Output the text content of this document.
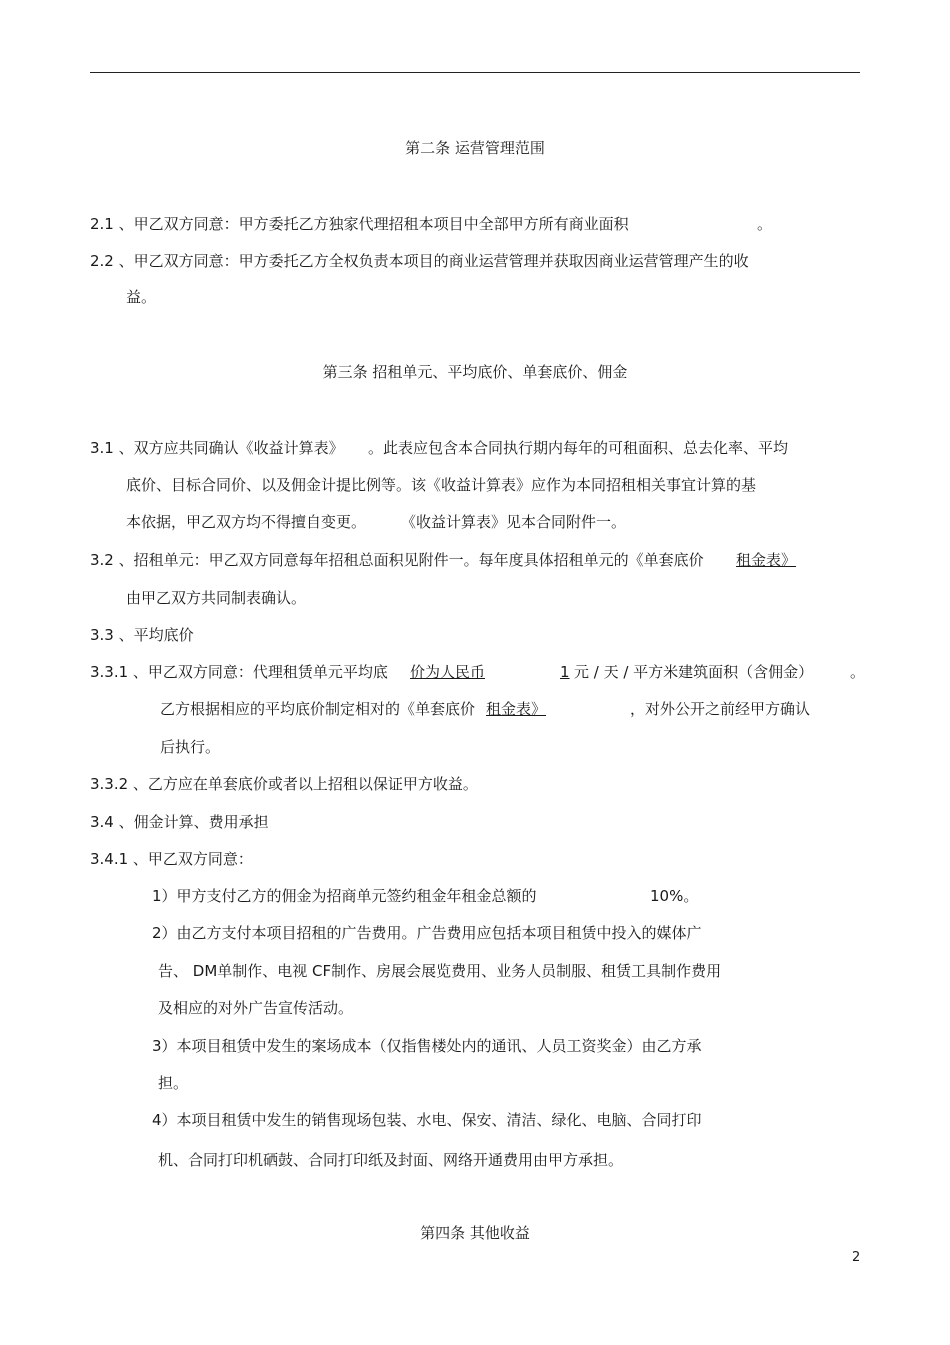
第二条 运营管理范围
2.1 、甲乙双方同意：甲方委托乙方独家代理招租本项目中全部甲方所有商业面积	。
2.2 、甲乙双方同意：甲方委托乙方全权负责本项目的商业运营管理并获取因商业运营管理产生的收
益。
第三条 招租单元、平均底价、单套底价、佣金
3.1 、双方应共同确认《收益计算表》 。此表应包含本合同执行期内每年的可租面积、总去化率、平均
底价、目标合同价、以及佣金计提比例等。该《收益计算表》应作为本同招租相关事宜计算的基
本依据，甲乙双方均不得擅自变更。 《收益计算表》见本合同附件一。
3.2 、招租单元：甲乙双方同意每年招租总面积见附件一。每年度具体招租单元的《单套底价 租金表》
由甲乙双方共同制表确认。
3.3 、平均底价
3.3.1 、甲乙双方同意：代理租赁单元平均底 价为人民币	1 元 / 天 / 平方米建筑面积（含佣金） 。
乙方根据相应的平均底价制定相对的《单套底价 租金表》	，对外公开之前经甲方确认
后执行。
3.3.2 、乙方应在单套底价或者以上招租以保证甲方收益。
3.4 、佣金计算、费用承担
3.4.1 、甲乙双方同意：
1）甲方支付乙方的佣金为招商单元签约租金年租金总额的	10%。
2）由乙方支付本项目招租的广告费用。广告费用应包括本项目租赁中投入的媒体广
告、 DM单制作、电视 CF制作、房展会展览费用、业务人员制服、租赁工具制作费用
及相应的对外广告宣传活动。
3）本项目租赁中发生的案场成本（仅指售楼处内的通讯、人员工资奖金）由乙方承
担。
4）本项目租赁中发生的销售现场包装、水电、保安、清洁、绿化、电脑、合同打印
机、合同打印机硒鼓、合同打印纸及封面、网络开通费用由甲方承担。
第四条 其他收益
2
